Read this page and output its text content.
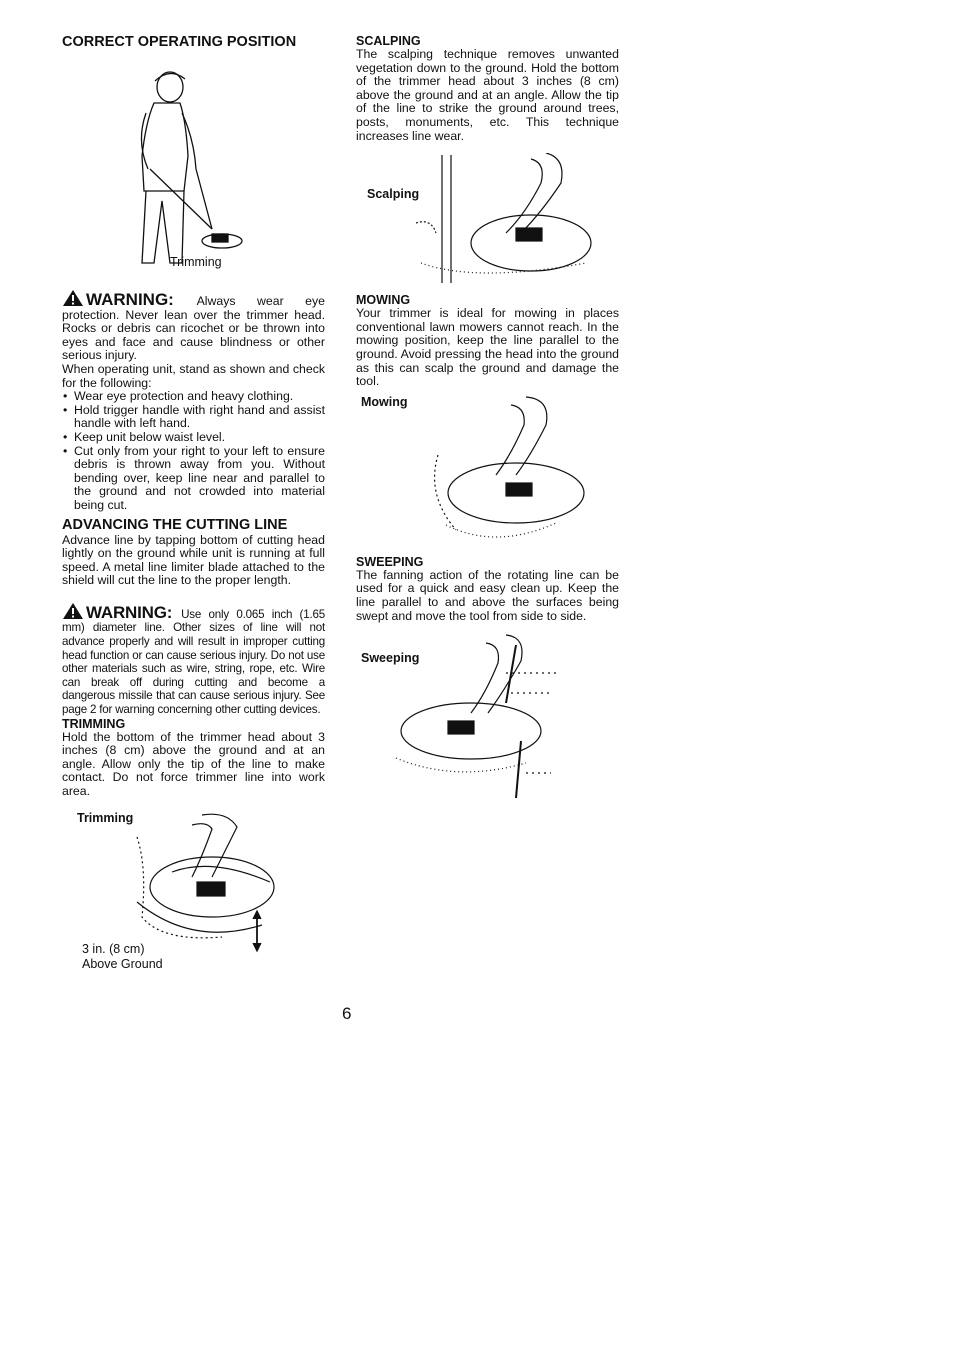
CORRECT OPERATING POSITION
Trimming
WARNING: Always wear eye protection. Never lean over the trimmer head. Rocks or debris can ricochet or be thrown into eyes and face and cause blindness or other serious injury.
When operating unit, stand as shown and check for the following:
• Wear eye protection and heavy clothing.
• Hold trigger handle with right hand and assist handle with left hand.
• Keep unit below waist level.
• Cut only from your right to your left to ensure debris is thrown away from you. Without bending over, keep line near and parallel to the ground and not crowded into material being cut.
ADVANCING THE CUTTING LINE
Advance line by tapping bottom of cutting head lightly on the ground while unit is running at full speed. A metal line limiter blade attached to the shield will cut the line to the proper length.
WARNING: Use only 0.065 inch (1.65 mm) diameter line. Other sizes of line will not advance properly and will result in improper cutting head function or can cause serious injury. Do not use other materials such as wire, string, rope, etc. Wire can break off during cutting and become a dangerous missile that can cause serious injury. See page 2 for warning concerning other cutting devices.
TRIMMING
Hold the bottom of the trimmer head about 3 inches (8 cm) above the ground and at an angle. Allow only the tip of the line to make contact. Do not force trimmer line into work area.
Trimming
3 in. (8 cm)
Above Ground
SCALPING
The scalping technique removes unwanted vegetation down to the ground. Hold the bottom of the trimmer head about 3 inches (8 cm) above the ground and at an angle. Allow the tip of the line to strike the ground around trees, posts, monuments, etc. This technique increases line wear.
Scalping
MOWING
Your trimmer is ideal for mowing in places conventional lawn mowers cannot reach. In the mowing position, keep the line parallel to the ground. Avoid pressing the head into the ground as this can scalp the ground and damage the tool.
Mowing
SWEEPING
The fanning action of the rotating line can be used for a quick and easy clean up. Keep the line parallel to and above the surfaces being swept and move the tool from side to side.
Sweeping
6
